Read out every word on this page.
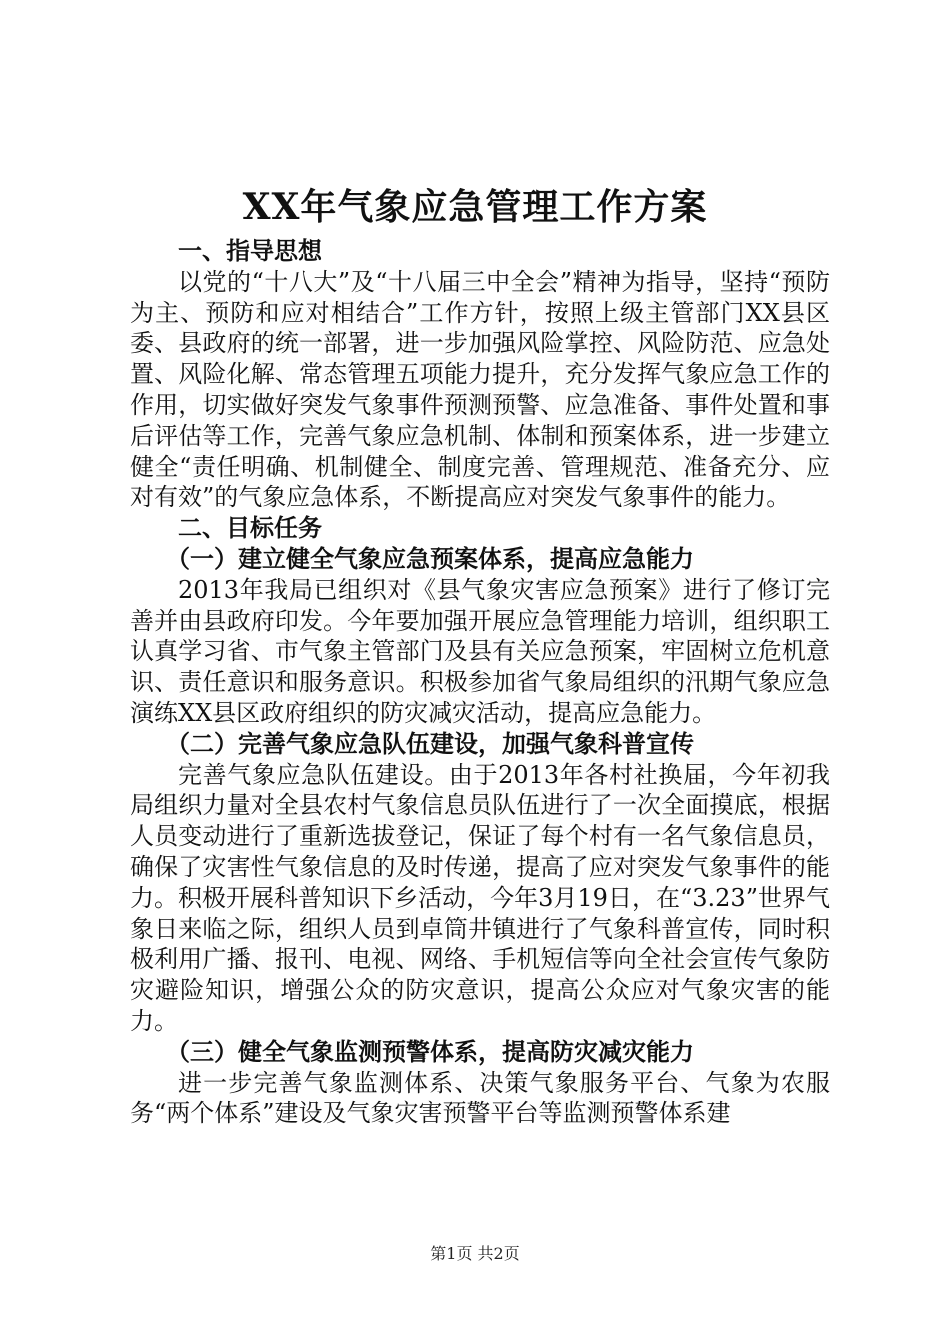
XX年气象应急管理工作方案

一、指导思想

以党的“十八大”及“十八届三中全会”精神为指导，坚持“预防为主、预防和应对相结合”工作方针，按照上级主管部门XX县区委、县政府的统一部署，进一步加强风险掌控、风险防范、应急处置、风险化解、常态管理五项能力提升，充分发挥气象应急工作的作用，切实做好突发气象事件预测预警、应急准备、事件处置和事后评估等工作，完善气象应急机制、体制和预案体系，进一步建立健全“责任明确、机制健全、制度完善、管理规范、准备充分、应对有效”的气象应急体系，不断提高应对突发气象事件的能力。

二、目标任务

（一）建立健全气象应急预案体系，提高应急能力

2013年我局已组织对《县气象灾害应急预案》进行了修订完善并由县政府印发。今年要加强开展应急管理能力培训，组织职工认真学习省、市气象主管部门及县有关应急预案，牢固树立危机意识、责任意识和服务意识。积极参加省气象局组织的汛期气象应急演练XX县区政府组织的防灾减灾活动，提高应急能力。

（二）完善气象应急队伍建设，加强气象科普宣传

完善气象应急队伍建设。由于2013年各村社换届，今年初我局组织力量对全县农村气象信息员队伍进行了一次全面摸底，根据人员变动进行了重新选拔登记，保证了每个村有一名气象信息员，确保了灾害性气象信息的及时传递，提高了应对突发气象事件的能力。积极开展科普知识下乡活动，今年3月19日，在“3.23”世界气象日来临之际，组织人员到卓筒井镇进行了气象科普宣传，同时积极利用广播、报刊、电视、网络、手机短信等向全社会宣传气象防灾避险知识，增强公众的防灾意识，提高公众应对气象灾害的能力。

（三）健全气象监测预警体系，提高防灾减灾能力

进一步完善气象监测体系、决策气象服务平台、气象为农服务“两个体系”建设及气象灾害预警平台等监测预警体系建

第1页 共2页
